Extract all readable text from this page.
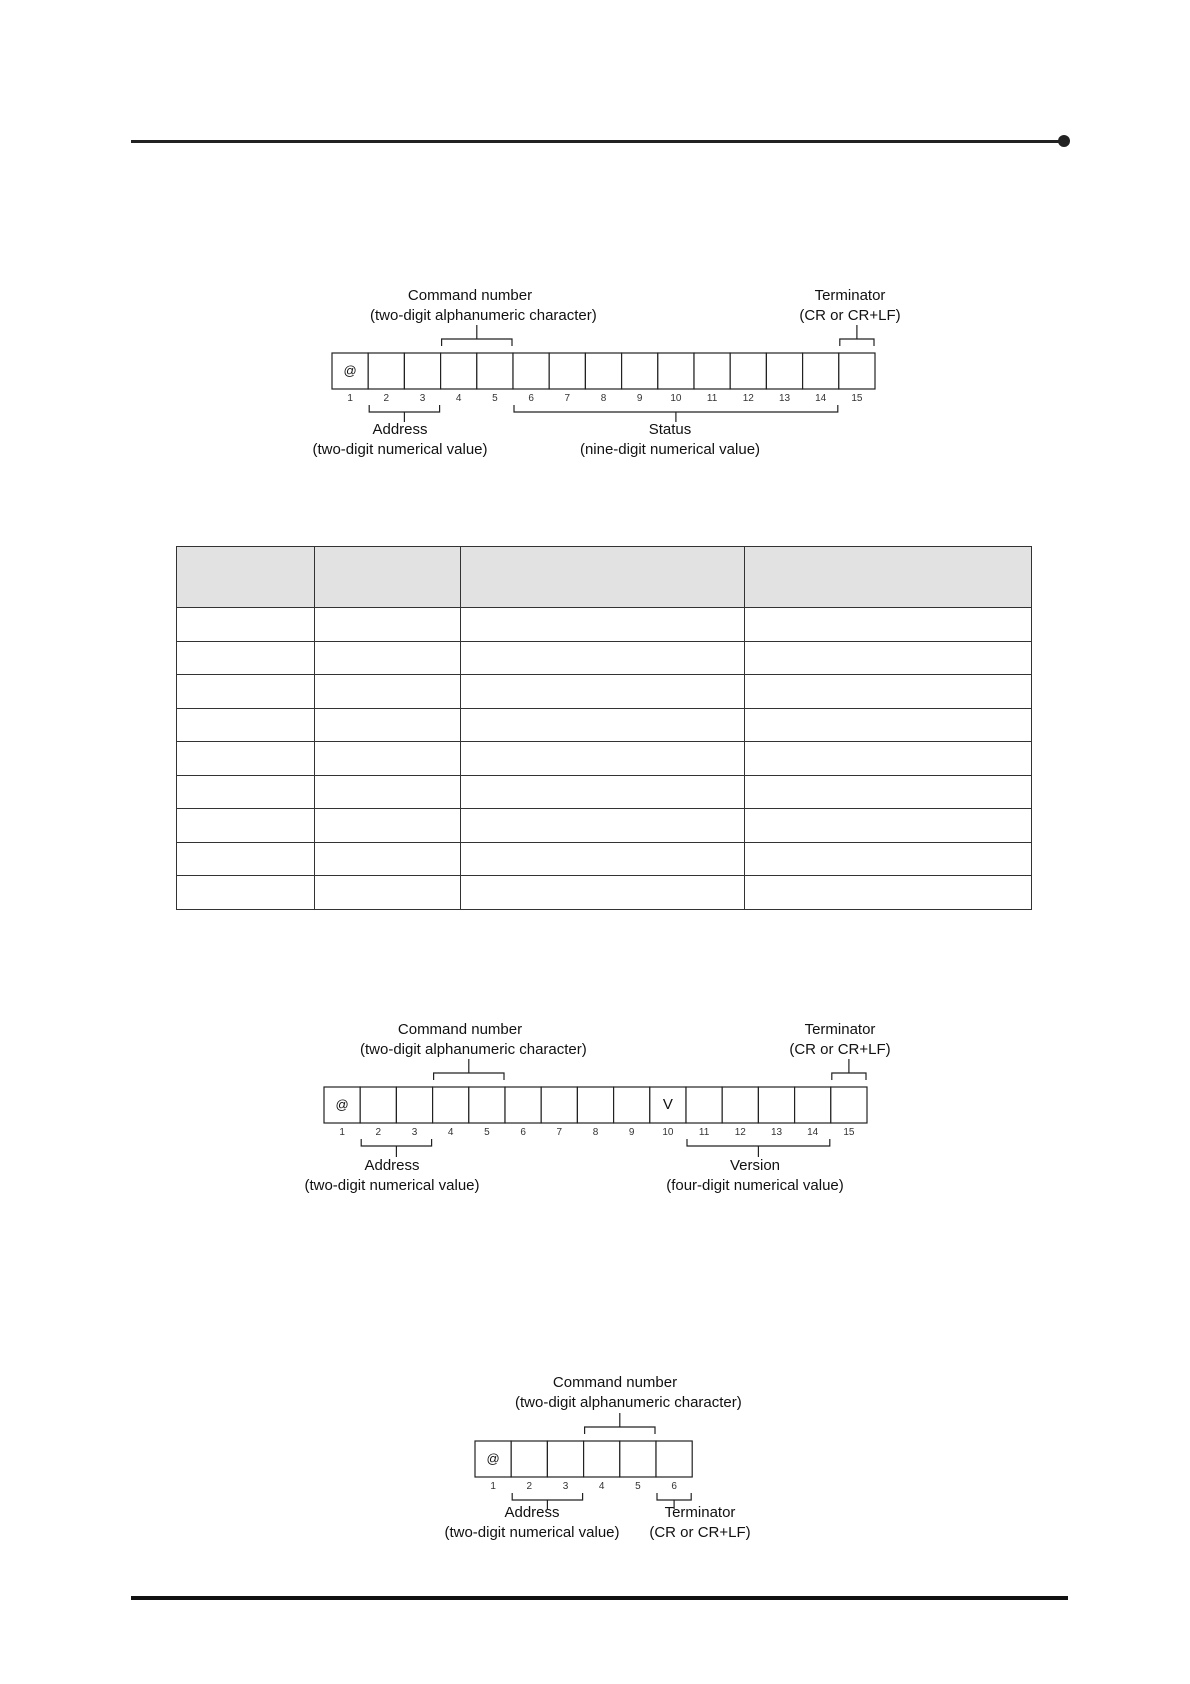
@
1	2	3	4	5	6	7	8	9	10	11	12	13	14	15
Command number
(two-digit alphanumeric character)
Terminator
(CR or CR+LF)
Address
(two-digit numerical value)
Status
(nine-digit numerical value)
@
1	2	3	4	5	6	7	8	9
V
10	11	12	13	14	15
Command number
(two-digit alphanumeric character)
Terminator
(CR or CR+LF)
Address
(two-digit numerical value)
Version
(four-digit numerical value)
@
1	2	3	4	5	6
Command number
(two-digit alphanumeric character)
Address
(two-digit numerical value)
Terminator
(CR or CR+LF)
